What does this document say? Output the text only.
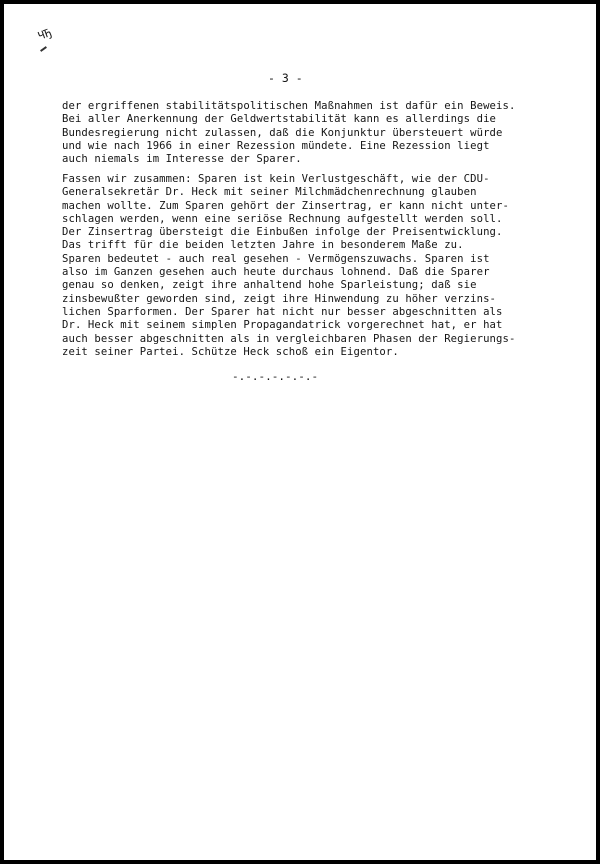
ЧЂ
- 3 -

der ergriffenen stabilitätspolitischen Maßnahmen ist dafür ein Beweis.
Bei aller Anerkennung der Geldwertstabilität kann es allerdings die
Bundesregierung nicht zulassen, daß die Konjunktur übersteuert würde
und wie nach 1966 in einer Rezession mündete. Eine Rezession liegt
auch niemals im Interesse der Sparer.

Fassen wir zusammen: Sparen ist kein Verlustgeschäft, wie der CDU-
Generalsekretär Dr. Heck mit seiner Milchmädchenrechnung glauben
machen wollte. Zum Sparen gehört der Zinsertrag, er kann nicht unter-
schlagen werden, wenn eine seriöse Rechnung aufgestellt werden soll.
Der Zinsertrag übersteigt die Einbußen infolge der Preisentwicklung.
Das trifft für die beiden letzten Jahre in besonderem Maße zu.
Sparen bedeutet - auch real gesehen - Vermögenszuwachs. Sparen ist
also im Ganzen gesehen auch heute durchaus lohnend. Daß die Sparer
genau so denken, zeigt ihre anhaltend hohe Sparleistung; daß sie
zinsbewußter geworden sind, zeigt ihre Hinwendung zu höher verzins-
lichen Sparformen. Der Sparer hat nicht nur besser abgeschnitten als
Dr. Heck mit seinem simplen Propagandatrick vorgerechnet hat, er hat
auch besser abgeschnitten als in vergleichbaren Phasen der Regierungs-
zeit seiner Partei. Schütze Heck schoß ein Eigentor.

-.-.-.-.-.-.-
